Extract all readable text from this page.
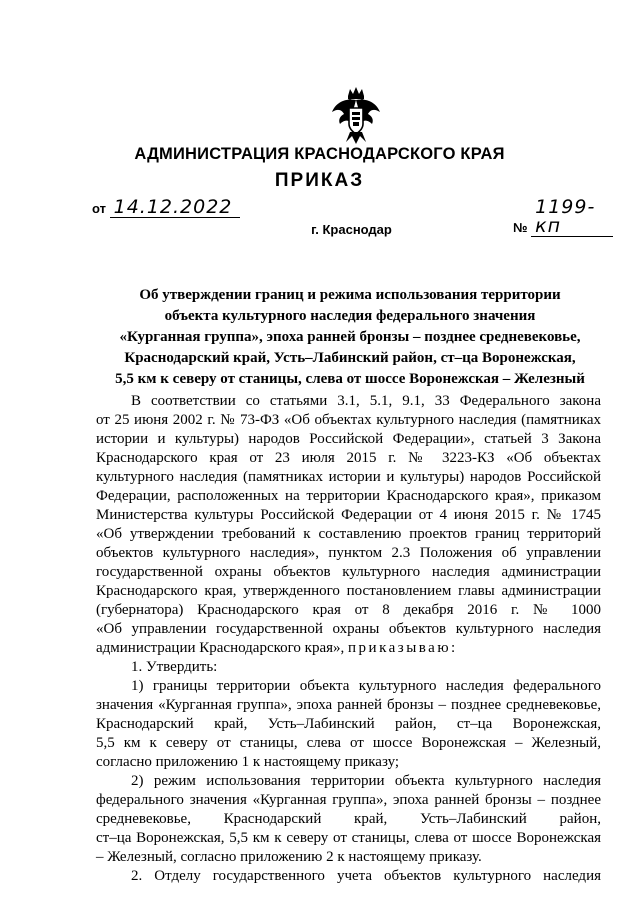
АДМИНИСТРАЦИЯ КРАСНОДАРСКОГО КРАЯ
ПРИКАЗ
от 14.12.2022
№ 1199-кп
г. Краснодар
Об утверждении границ и режима использования территории
объекта культурного наследия федерального значения
«Курганная группа», эпоха ранней бронзы – позднее средневековье,
Краснодарский край, Усть–Лабинский район, ст–ца Воронежская,
5,5 км к северу от станицы, слева от шоссе Воронежская – Железный
В соответствии со статьями 3.1, 5.1, 9.1, 33 Федерального закона
от 25 июня 2002 г. № 73-ФЗ «Об объектах культурного наследия (памятниках
истории и культуры) народов Российской Федерации», статьей 3 Закона
Краснодарского края от 23 июля 2015 г. № 3223-КЗ «Об объектах
культурного наследия (памятниках истории и культуры) народов Российской
Федерации, расположенных на территории Краснодарского края», приказом
Министерства культуры Российской Федерации от 4 июня 2015 г. № 1745
«Об утверждении требований к составлению проектов границ территорий
объектов культурного наследия», пунктом 2.3 Положения об управлении
государственной охраны объектов культурного наследия администрации
Краснодарского края, утвержденного постановлением главы администрации
(губернатора) Краснодарского края от 8 декабря 2016 г. № 1000
«Об управлении государственной охраны объектов культурного наследия
администрации Краснодарского края», приказываю:
1. Утвердить:
1) границы территории объекта культурного наследия федерального
значения «Курганная группа», эпоха ранней бронзы – позднее средневековье,
Краснодарский край, Усть–Лабинский район, ст–ца Воронежская,
5,5 км к северу от станицы, слева от шоссе Воронежская – Железный,
согласно приложению 1 к настоящему приказу;
2) режим использования территории объекта культурного наследия
федерального значения «Курганная группа», эпоха ранней бронзы – позднее
средневековье, Краснодарский край, Усть–Лабинский район,
ст–ца Воронежская, 5,5 км к северу от станицы, слева от шоссе Воронежская
– Железный, согласно приложению 2 к настоящему приказу.
2. Отделу государственного учета объектов культурного наследия
